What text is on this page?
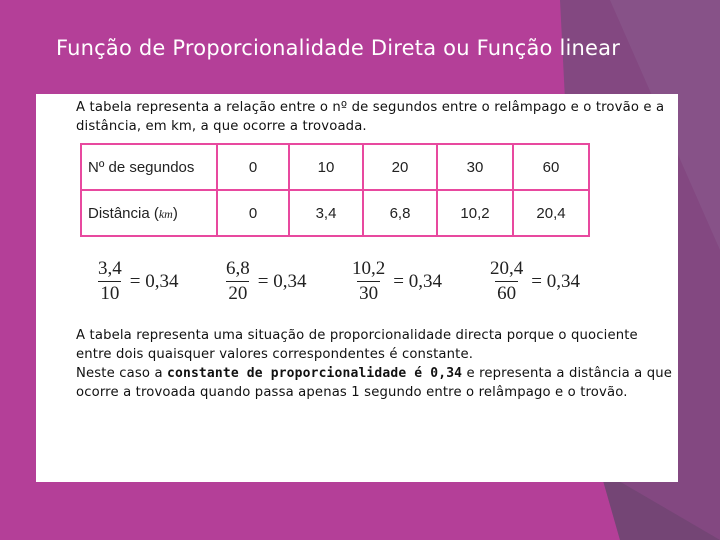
Função de Proporcionalidade Direta ou Função linear
A tabela representa a relação entre o nº de segundos entre o relâmpago e o trovão e a distância, em km, a que ocorre a trovoada.
Nº de segundos	0	10	20	30	60
Distância (km)	0	3,4	6,8	10,2	20,4
$\frac{3,4}{10} = 0,34 \frac{6,8}{20} = 0,34 \frac{10,2}{30} = 0,34 \frac{20,4}{60} = 0,34$

A tabela representa uma situação de proporcionalidade directa porque o quociente entre dois quaisquer valores correspondentes é constante.

Neste caso a constante de proporcionalidade é 0,34 e representa a distância a que ocorre a trovoada quando passa apenas 1 segundo entre o relâmpago e o trovão.
